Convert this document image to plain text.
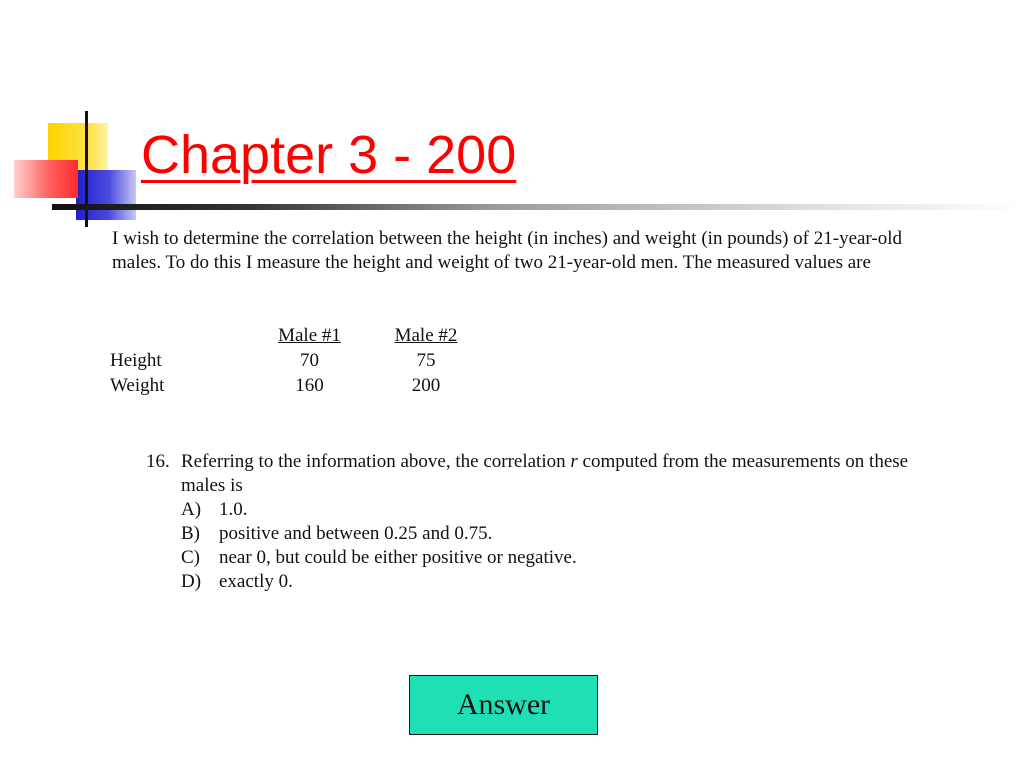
Chapter 3 - 200

I wish to determine the correlation between the height (in inches) and weight (in pounds) of 21-year-old males. To do this I measure the height and weight of two 21-year-old men. The measured values are

	Male #1	Male #2
Height	70	75
Weight	160	200
16. Referring to the information above, the correlation r computed from the measurements on these males is
A) 1.0.
B)	positive and between 0.25 and 0.75.
C)	near 0, but could be either positive or negative.
D) exactly 0.
Answer
